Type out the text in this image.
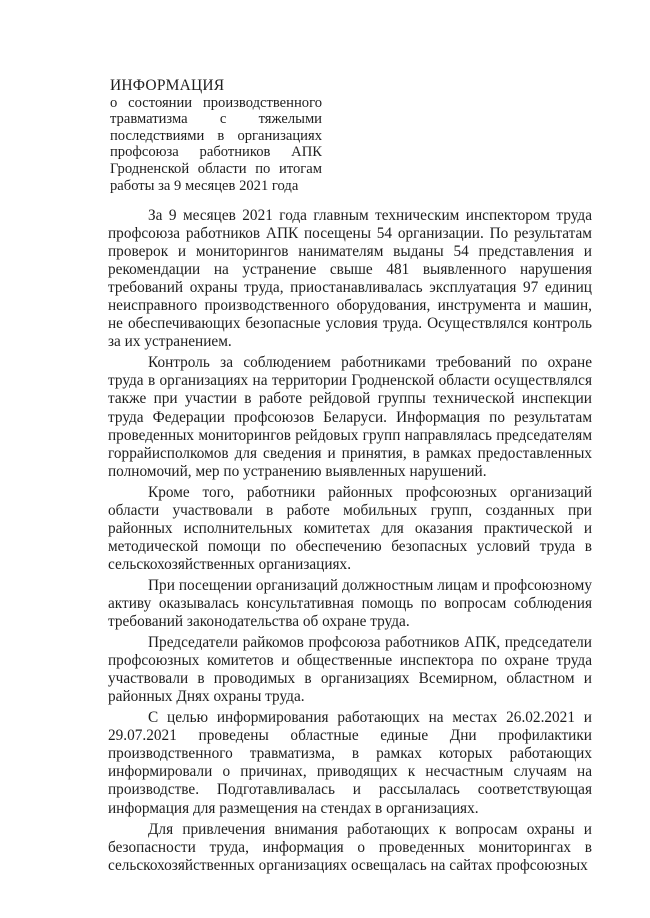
ИНФОРМАЦИЯ
о состоянии производственного травматизма с тяжелыми последствиями в организациях профсоюза работников АПК Гродненской области по итогам работы за 9 месяцев 2021 года

За 9 месяцев 2021 года главным техническим инспектором труда профсоюза работников АПК посещены 54 организации. По результатам проверок и мониторингов нанимателям выданы 54 представления и рекомендации на устранение свыше 481 выявленного нарушения требований охраны труда, приостанавливалась эксплуатация 97 единиц неисправного производственного оборудования, инструмента и машин, не обеспечивающих безопасные условия труда. Осуществлялся контроль за их устранением.

Контроль за соблюдением работниками требований по охране труда в организациях на территории Гродненской области осуществлялся также при участии в работе рейдовой группы технической инспекции труда Федерации профсоюзов Беларуси. Информация по результатам проведенных мониторингов рейдовых групп направлялась председателям горрайисполкомов для сведения и принятия, в рамках предоставленных полномочий, мер по устранению выявленных нарушений.

Кроме того, работники районных профсоюзных организаций области участвовали в работе мобильных групп, созданных при районных исполнительных комитетах для оказания практической и методической помощи по обеспечению безопасных условий труда в сельскохозяйственных организациях.

При посещении организаций должностным лицам и профсоюзному активу оказывалась консультативная помощь по вопросам соблюдения требований законодательства об охране труда.

Председатели райкомов профсоюза работников АПК, председатели профсоюзных комитетов и общественные инспектора по охране труда участвовали в проводимых в организациях Всемирном, областном и районных Днях охраны труда.

С целью информирования работающих на местах 26.02.2021 и 29.07.2021 проведены областные единые Дни профилактики производственного травматизма, в рамках которых работающих информировали о причинах, приводящих к несчастным случаям на производстве. Подготавливалась и рассылалась соответствующая информация для размещения на стендах в организациях.

Для привлечения внимания работающих к вопросам охраны и безопасности труда, информация о проведенных мониторингах в сельскохозяйственных организациях освещалась на сайтах профсоюзных
